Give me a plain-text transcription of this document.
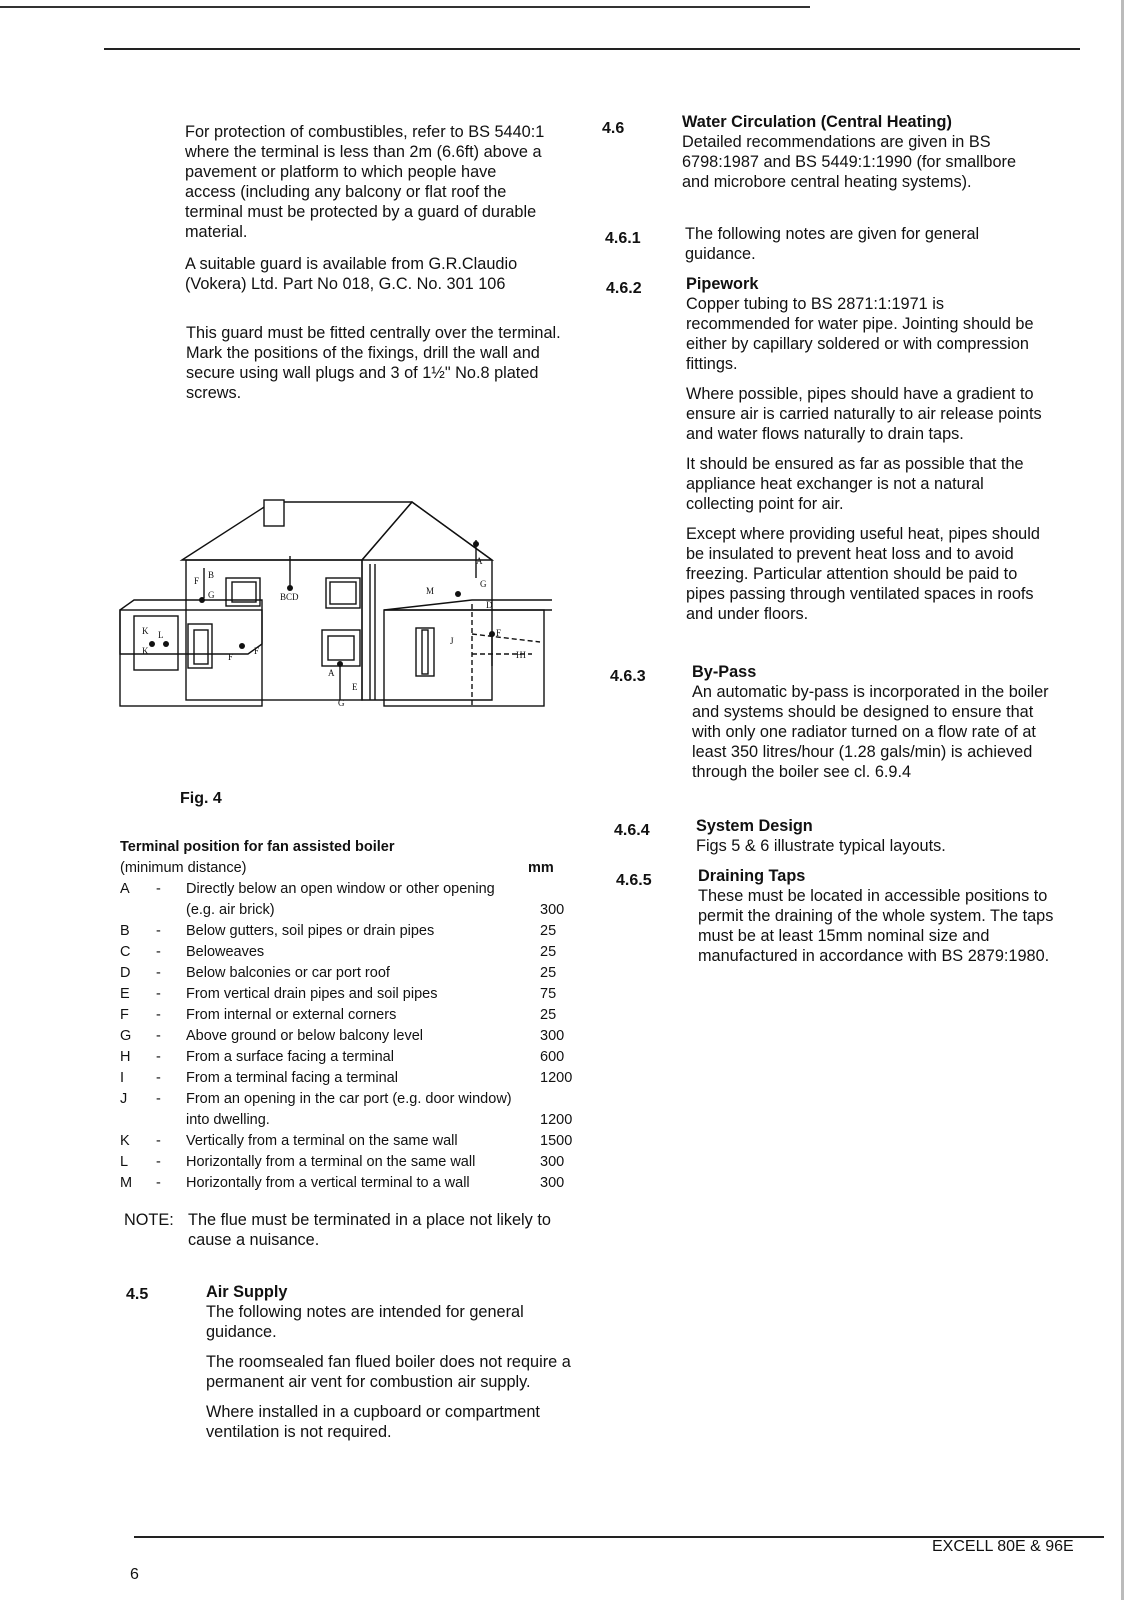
For protection of combustibles, refer to BS 5440:1 where the terminal is less than 2m (6.6ft) above a pavement or platform to which people have access (including any balcony or flat roof the terminal must be protected by a guard of durable material.

A suitable guard is available from G.R.Claudio (Vokera) Ltd. Part No 018, G.C. No. 301 106

This guard must be fitted centrally over the terminal. Mark the positions of the fixings, drill the wall and secure using wall plugs and 3 of 1½" No.8 plated screws.

A
B
G
F
BCD
G
D
M
F
J
H I
K
K
L
F
F
A
E
G
Fig. 4
Terminal position for fan assisted boiler
(minimum distance)	mm
A - Directly below an open window or other opening (e.g. air brick)	300
B - Below gutters, soil pipes or drain pipes	25
C - Beloweaves	25
D - Below balconies or car port roof	25
E - From vertical drain pipes and soil pipes	75
F - From internal or external corners	25
G - Above ground or below balcony level	300
H - From a surface facing a terminal	600
I - From a terminal facing a terminal	1200
J - From an opening in the car port (e.g. door window) into dwelling.	1200
K - Vertically from a terminal on the same wall	1500
L - Horizontally from a terminal on the same wall	300
M - Horizontally from a vertical terminal to a wall	300
NOTE: The flue must be terminated in a place not likely to cause a nuisance.
4.5	Air Supply
The following notes are intended for general guidance.
The roomsealed fan flued boiler does not require a permanent air vent for combustion air supply.
Where installed in a cupboard or compartment ventilation is not required.
4.6	Water Circulation (Central Heating)
Detailed recommendations are given in BS 6798:1987 and BS 5449:1:1990 (for smallbore and microbore central heating systems).
4.6.1	The following notes are given for general guidance.

4.6.2	Pipework
Copper tubing to BS 2871:1:1971 is recommended for water pipe. Jointing should be either by capillary soldered or with compression fittings.
Where possible, pipes should have a gradient to ensure air is carried naturally to air release points and water flows naturally to drain taps.
It should be ensured as far as possible that the appliance heat exchanger is not a natural collecting point for air.
Except where providing useful heat, pipes should be insulated to prevent heat loss and to avoid freezing. Particular attention should be paid to pipes passing through ventilated spaces in roofs and under floors.
4.6.3	By-Pass
An automatic by-pass is incorporated in the boiler and systems should be designed to ensure that with only one radiator turned on a flow rate of at least 350 litres/hour (1.28 gals/min) is achieved through the boiler see cl. 6.9.4
4.6.4	System Design
Figs 5 & 6 illustrate typical layouts.
4.6.5	Draining Taps
These must be located in accessible positions to permit the draining of the whole system. The taps must be at least 15mm nominal size and manufactured in accordance with BS 2879:1980.
EXCELL 80E & 96E
6
